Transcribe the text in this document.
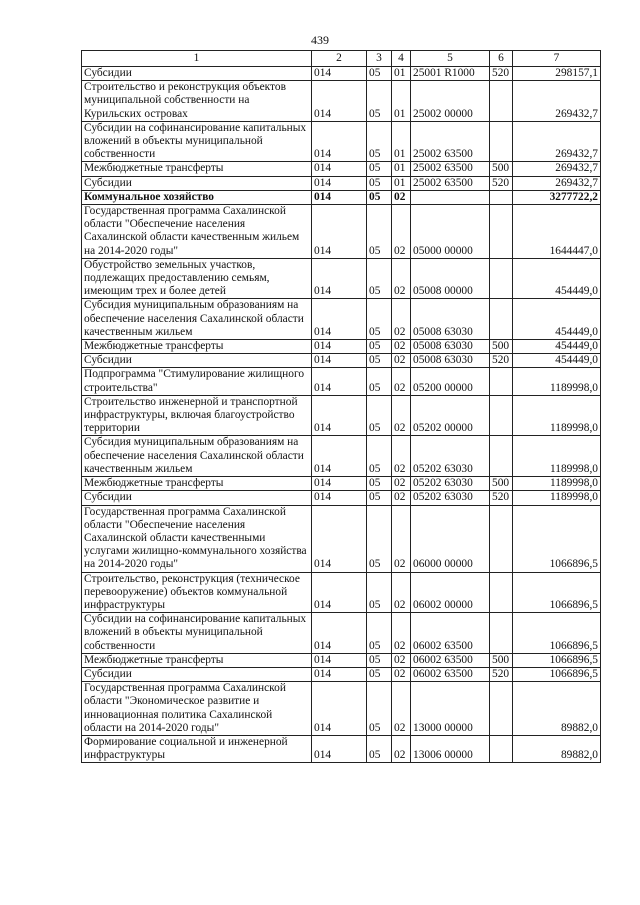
439
1	2	3	4	5	6	7
Субсидии	014	05	01	25001 R1000	520	298157,1
Строительство и реконструкция объектов муниципальной собственности на Курильских островах	014	05	01	25002 00000		269432,7
Субсидии на софинансирование капитальных вложений в объекты муниципальной собственности	014	05	01	25002 63500		269432,7
Межбюджетные трансферты	014	05	01	25002 63500	500	269432,7
Субсидии	014	05	01	25002 63500	520	269432,7
Коммунальное хозяйство	014	05	02			3277722,2
Государственная программа Сахалинской области "Обеспечение населения Сахалинской области качественным жильем на 2014-2020 годы"	014	05	02	05000 00000		1644447,0
Обустройство земельных участков, подлежащих предоставлению семьям, имеющим трех и более детей	014	05	02	05008 00000		454449,0
Субсидия муниципальным образованиям на обеспечение населения Сахалинской области качественным жильем	014	05	02	05008 63030		454449,0
Межбюджетные трансферты	014	05	02	05008 63030	500	454449,0
Субсидии	014	05	02	05008 63030	520	454449,0
Подпрограмма "Стимулирование жилищного строительства"	014	05	02	05200 00000		1189998,0
Строительство инженерной и транспортной инфраструктуры, включая благоустройство территории	014	05	02	05202 00000		1189998,0
Субсидия муниципальным образованиям на обеспечение населения Сахалинской области качественным жильем	014	05	02	05202 63030		1189998,0
Межбюджетные трансферты	014	05	02	05202 63030	500	1189998,0
Субсидии	014	05	02	05202 63030	520	1189998,0
Государственная программа Сахалинской области "Обеспечение населения Сахалинской области качественными услугами жилищно-коммунального хозяйства на 2014-2020 годы"	014	05	02	06000 00000		1066896,5
Строительство, реконструкция (техническое перевооружение) объектов коммунальной инфраструктуры	014	05	02	06002 00000		1066896,5
Субсидии на софинансирование капитальных вложений в объекты муниципальной собственности	014	05	02	06002 63500		1066896,5
Межбюджетные трансферты	014	05	02	06002 63500	500	1066896,5
Субсидии	014	05	02	06002 63500	520	1066896,5
Государственная программа Сахалинской области "Экономическое развитие и инновационная политика Сахалинской области на 2014-2020 годы"	014	05	02	13000 00000		89882,0
Формирование социальной и инженерной инфраструктуры	014	05	02	13006 00000		89882,0
